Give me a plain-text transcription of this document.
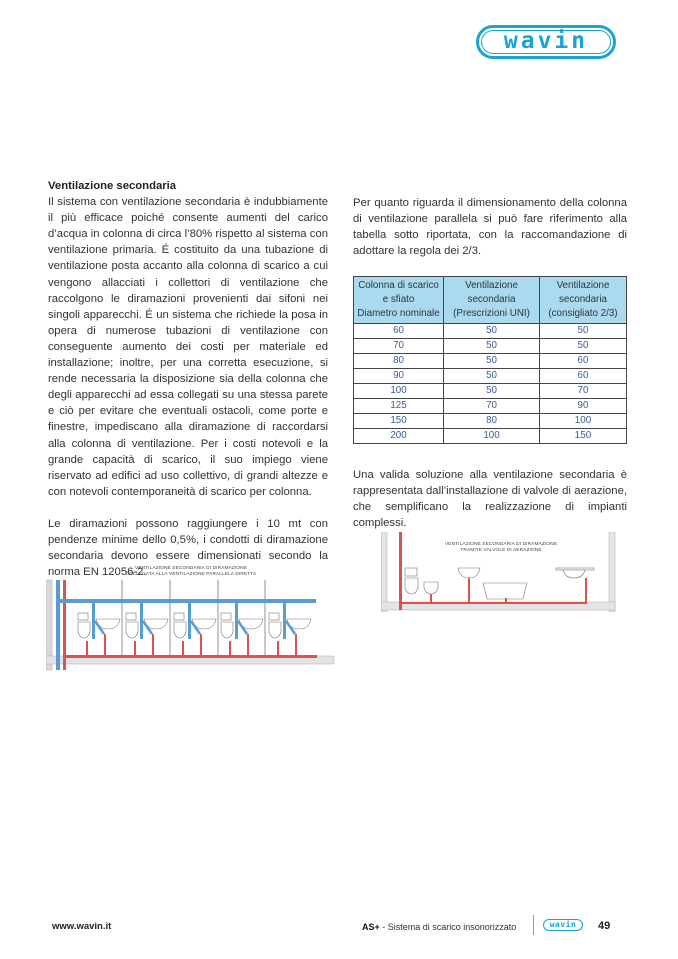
wavin
Ventilazione secondaria

Il sistema con ventilazione secondaria è indubbiamente il più efficace poiché consente aumenti del carico d’acqua in colonna di circa l’80% rispetto al sistema con ventilazione primaria. É costituito da una tubazione di ventilazione posta accanto alla colonna di scarico a cui vengono allacciati i collettori di ventilazione che raccolgono le diramazioni provenienti dai sifoni nei singoli apparecchi. É un sistema che richiede la posa in opera di numerose tubazioni di ventilazione con conseguente aumento dei costi per materiale ed installazione; inoltre, per una corretta esecuzione, si rende necessaria la disposizione sia della colonna che degli apparecchi ad essa collegati su una stessa parete e ciò per evitare che eventuali ostacoli, come porte e finestre, impediscano alla diramazione di raccordarsi alla colonna di ventilazione. Per i costi notevoli e la grande capacità di scarico, il suo impiego viene riservato ad edifici ad uso collettivo, di grandi altezze e con notevoli contemporaneità di scarico per colonna.

Le diramazioni possono raggiungere i 10 mt con pendenze minime dello 0,5%, i condotti di diramazione secondaria devono essere dimensionati secondo la norma EN 12056-2.

VENTILAZIONE SECONDARIA DI DIRAMAZIONE
COLLEGATA ALLA VENTILAZIONE PARALLELA DIRETTA

Per quanto riguarda il dimensionamento della colonna di ventilazione parallela si può fare riferimento alla tabella sotto riportata, con la raccomandazione di adottare la regola dei 2/3.

Colonna di scarico
e sfiato
Diametro nominale

Ventilazione
secondaria
(Prescrizioni UNI)

Ventilazione
secondaria
(consigliato 2/3)

60	50	50
70	50	50
80	50	60
90	50	60
100	50	70
125	70	90
150	80	100
200	100	150

Una valida soluzione alla ventilazione secondaria è rappresentata dall’installazione di valvole di aerazione, che semplificano la realizzazione di impianti complessi.

VENTILAZIONE SECONDARIA DI DIRAMAZIONE
TRAMITE VALVOLE DI AERAZIONE
www.wavin.it	AS+ - Sistema di scarico insonorizzato	wavin 49
